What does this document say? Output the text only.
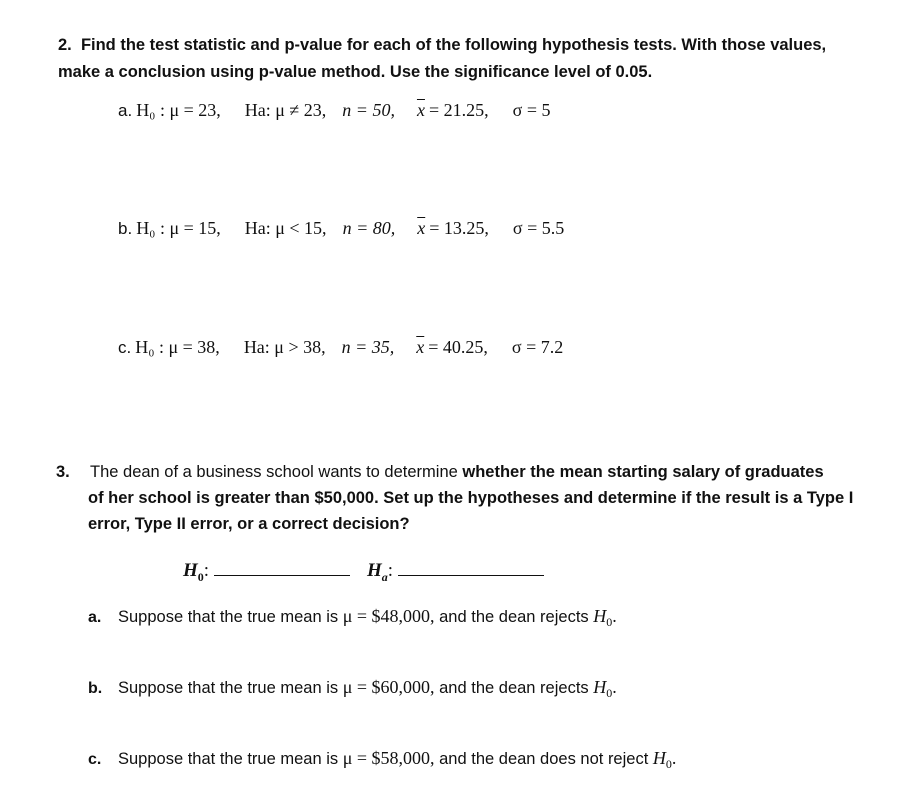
2. Find the test statistic and p-value for each of the following hypothesis tests. With those values,
make a conclusion using p-value method. Use the significance level of 0.05.
a. H₀ : μ = 23, Ha: μ ≠ 23, n = 50, $\overline{x} = 21.25$, σ = 5
b. H₀ : μ = 15, Ha: μ < 15, n = 80, $\overline{x} = 13.25$, σ = 5.5
c. H₀ : μ = 38, Ha: μ > 38, n = 35, $\overline{x} = 40.25$, σ = 7.2
3. The dean of a business school wants to determine whether the mean starting salary of graduates
of her school is greater than $50,000. Set up the hypotheses and determine if the result is a Type I
error, Type II error, or a correct decision?
$H_0$:	$H_a$:
a. Suppose that the true mean is μ = $48,000, and the dean rejects $H_0$.
b. Suppose that the true mean is μ = $60,000, and the dean rejects $H_0$.
c. Suppose that the true mean is μ = $58,000, and the dean does not reject $H_0$.
